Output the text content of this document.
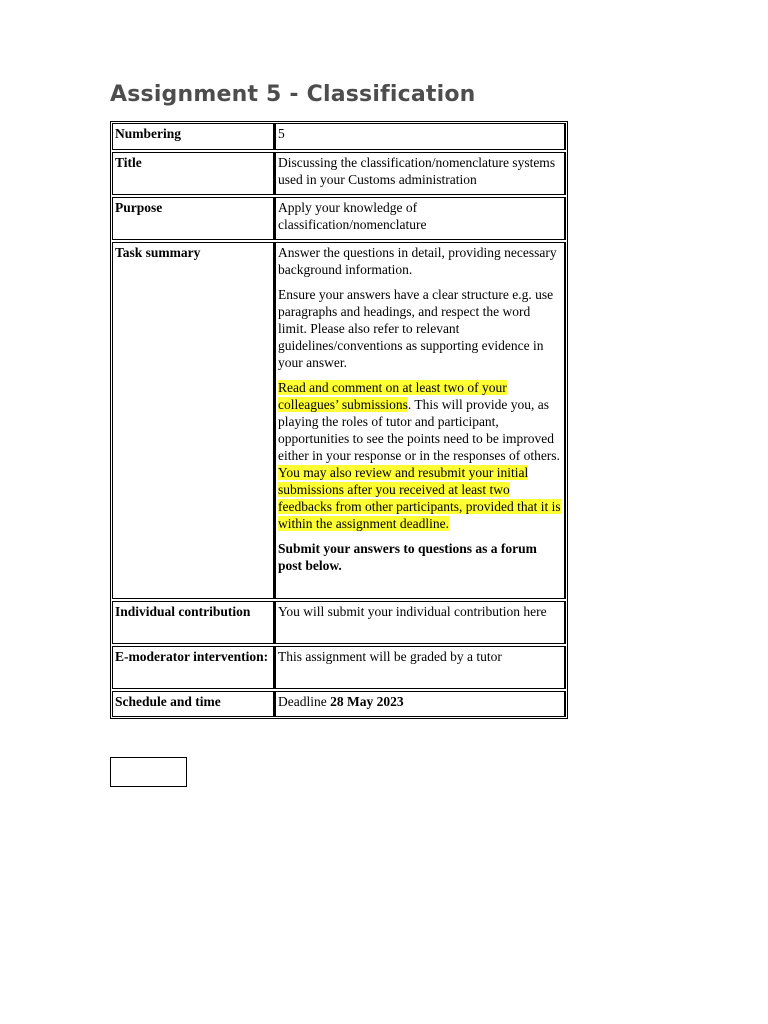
Assignment 5 - Classification
Numbering	5
Title	Discussing the classification/nomenclature systems used in your Customs administration
Purpose	Apply your knowledge of classification/nomenclature
Task summary	Answer the questions in detail, providing necessary background information.

Ensure your answers have a clear structure e.g. use paragraphs and headings, and respect the word limit. Please also refer to relevant guidelines/conventions as supporting evidence in your answer.

Read and comment on at least two of your colleagues’ submissions. This will provide you, as playing the roles of tutor and participant, opportunities to see the points need to be improved either in your response or in the responses of others. You may also review and resubmit your initial submissions after you received at least two feedbacks from other participants, provided that it is within the assignment deadline.

Submit your answers to questions as a forum post below.

Individual contribution	You will submit your individual contribution here
E-moderator intervention: This assignment will be graded by a tutor
Schedule and time	Deadline 28 May 2023
